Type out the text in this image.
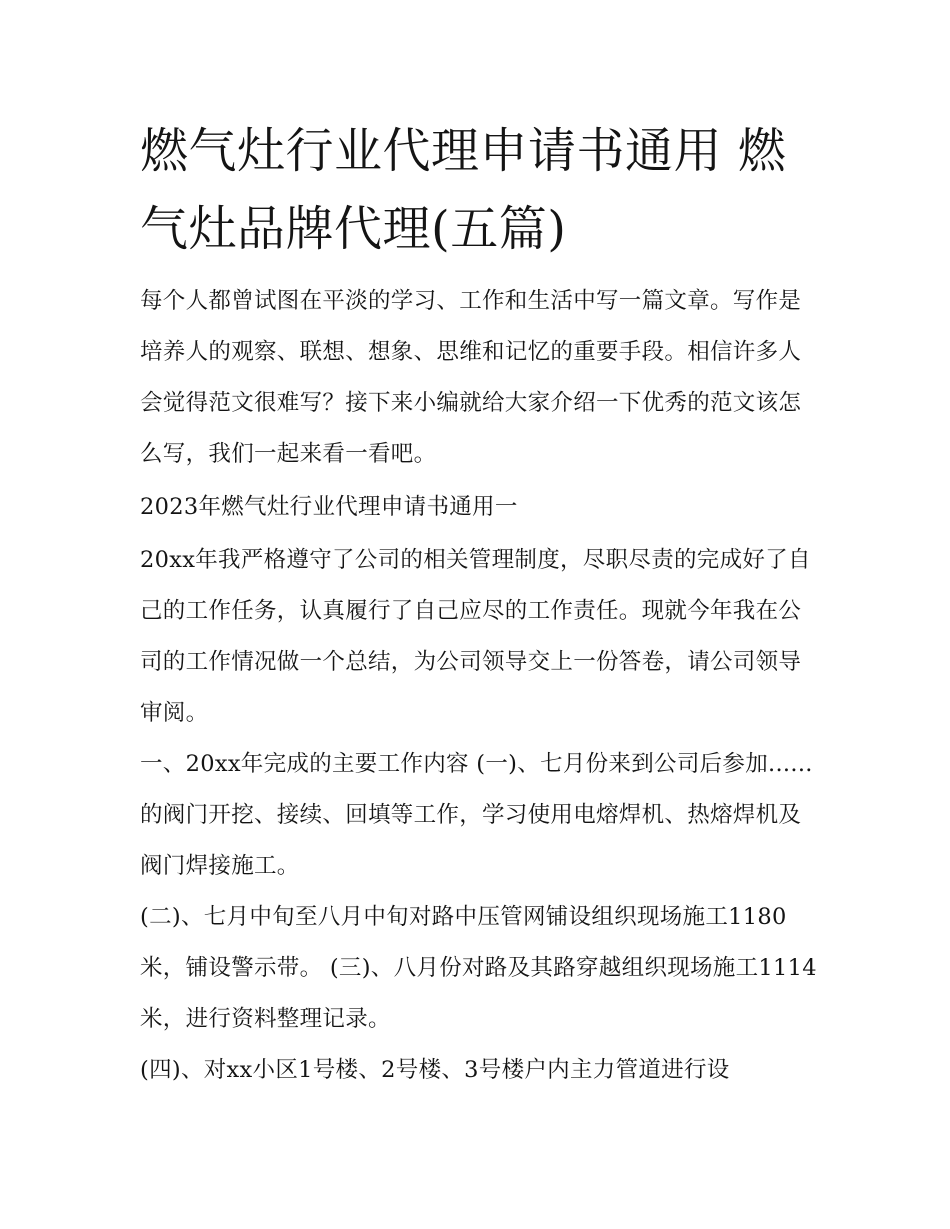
燃气灶行业代理申请书通用 燃气灶品牌代理(五篇)

每个人都曾试图在平淡的学习、工作和生活中写一篇文章。写作是培养人的观察、联想、想象、思维和记忆的重要手段。相信许多人会觉得范文很难写？接下来小编就给大家介绍一下优秀的范文该怎么写，我们一起来看一看吧。

2023年燃气灶行业代理申请书通用一

20xx年我严格遵守了公司的相关管理制度，尽职尽责的完成好了自己的工作任务，认真履行了自己应尽的工作责任。现就今年我在公司的工作情况做一个总结，为公司领导交上一份答卷，请公司领导审阅。

一、20xx年完成的主要工作内容 (一)、七月份来到公司后参加......的阀门开挖、接续、回填等工作，学习使用电熔焊机、热熔焊机及阀门焊接施工。

(二)、七月中旬至八月中旬对路中压管网铺设组织现场施工1180米，铺设警示带。 (三)、八月份对路及其路穿越组织现场施工1114米，进行资料整理记录。

(四)、对xx小区1号楼、2号楼、3号楼户内主力管道进行设
